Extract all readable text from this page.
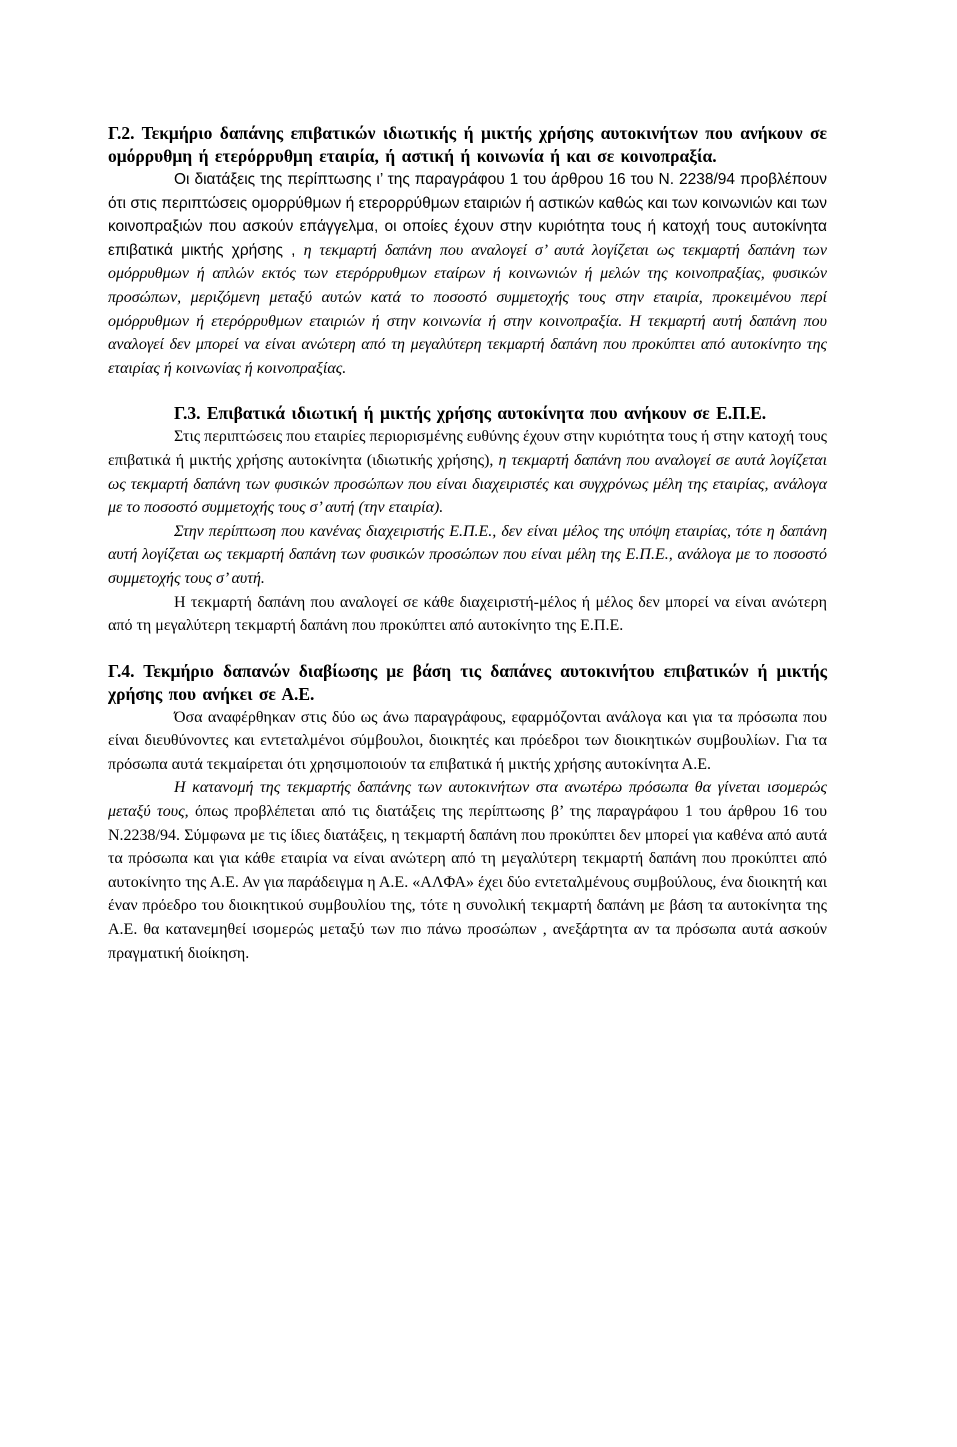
Γ.2. Τεκμήριο δαπάνης επιβατικών ιδιωτικής ή μικτής χρήσης αυτοκινήτων που ανήκουν σε ομόρρυθμη ή ετερόρρυθμη εταιρία, ή αστική ή κοινωνία ή και σε κοινοπραξία.

Οι διατάξεις της περίπτωσης ι’ της παραγράφου 1 του άρθρου 16 του Ν. 2238/94 προβλέπουν ότι στις περιπτώσεις ομορρύθμων ή ετερορρύθμων εταιριών ή αστικών καθώς και των κοινωνιών και των κοινοπραξιών που ασκούν επάγγελμα, οι οποίες έχουν στην κυριότητα τους ή κατοχή τους αυτοκίνητα επιβατικά μικτής χρήσης , η τεκμαρτή δαπάνη που αναλογεί σ’ αυτά λογίζεται ως τεκμαρτή δαπάνη των ομόρρυθμων ή απλών εκτός των ετερόρρυθμων εταίρων ή κοινωνιών ή μελών της κοινοπραξίας, φυσικών προσώπων, μεριζόμενη μεταξύ αυτών κατά το ποσοστό συμμετοχής τους στην εταιρία, προκειμένου περί ομόρρυθμων ή ετερόρρυθμων εταιριών ή στην κοινωνία ή στην κοινοπραξία. Η τεκμαρτή αυτή δαπάνη που αναλογεί δεν μπορεί να είναι ανώτερη από τη μεγαλύτερη τεκμαρτή δαπάνη που προκύπτει από αυτοκίνητο της εταιρίας ή κοινωνίας ή κοινοπραξίας.

Γ.3. Επιβατικά ιδιωτική ή μικτής χρήσης αυτοκίνητα που ανήκουν σε Ε.Π.Ε.

Στις περιπτώσεις που εταιρίες περιορισμένης ευθύνης έχουν στην κυριότητα τους ή στην κατοχή τους επιβατικά ή μικτής χρήσης αυτοκίνητα (ιδιωτικής χρήσης), η τεκμαρτή δαπάνη που αναλογεί σε αυτά λογίζεται ως τεκμαρτή δαπάνη των φυσικών προσώπων που είναι διαχειριστές και συγχρόνως μέλη της εταιρίας, ανάλογα με το ποσοστό συμμετοχής τους σ’ αυτή (την εταιρία).

Στην περίπτωση που κανένας διαχειριστής Ε.Π.Ε., δεν είναι μέλος της υπόψη εταιρίας, τότε η δαπάνη αυτή λογίζεται ως τεκμαρτή δαπάνη των φυσικών προσώπων που είναι μέλη της Ε.Π.Ε., ανάλογα με το ποσοστό συμμετοχής τους σ’ αυτή.

Η τεκμαρτή δαπάνη που αναλογεί σε κάθε διαχειριστή-μέλος ή μέλος δεν μπορεί να είναι ανώτερη από τη μεγαλύτερη τεκμαρτή δαπάνη που προκύπτει από αυτοκίνητο της Ε.Π.Ε.

Γ.4. Τεκμήριο δαπανών διαβίωσης με βάση τις δαπάνες αυτοκινήτου επιβατικών ή μικτής χρήσης που ανήκει σε Α.Ε.

Όσα αναφέρθηκαν στις δύο ως άνω παραγράφους, εφαρμόζονται ανάλογα και για τα πρόσωπα που είναι διευθύνοντες και εντεταλμένοι σύμβουλοι, διοικητές και πρόεδροι των διοικητικών συμβουλίων. Για τα πρόσωπα αυτά τεκμαίρεται ότι χρησιμοποιούν τα επιβατικά ή μικτής χρήσης αυτοκίνητα Α.Ε.

Η κατανομή της τεκμαρτής δαπάνης των αυτοκινήτων στα ανωτέρω πρόσωπα θα γίνεται ισομερώς μεταξύ τους, όπως προβλέπεται από τις διατάξεις της περίπτωσης β’ της παραγράφου 1 του άρθρου 16 του Ν.2238/94. Σύμφωνα με τις ίδιες διατάξεις, η τεκμαρτή δαπάνη που προκύπτει δεν μπορεί για καθένα από αυτά τα πρόσωπα και για κάθε εταιρία να είναι ανώτερη από τη μεγαλύτερη τεκμαρτή δαπάνη που προκύπτει από αυτοκίνητο της Α.Ε. Αν για παράδειγμα η Α.Ε. «ΑΛΦΑ» έχει δύο εντεταλμένους συμβούλους, ένα διοικητή και έναν πρόεδρο του διοικητικού συμβουλίου της, τότε η συνολική τεκμαρτή δαπάνη με βάση τα αυτοκίνητα της Α.Ε. θα κατανεμηθεί ισομερώς μεταξύ των πιο πάνω προσώπων , ανεξάρτητα αν τα πρόσωπα αυτά ασκούν πραγματική διοίκηση.
